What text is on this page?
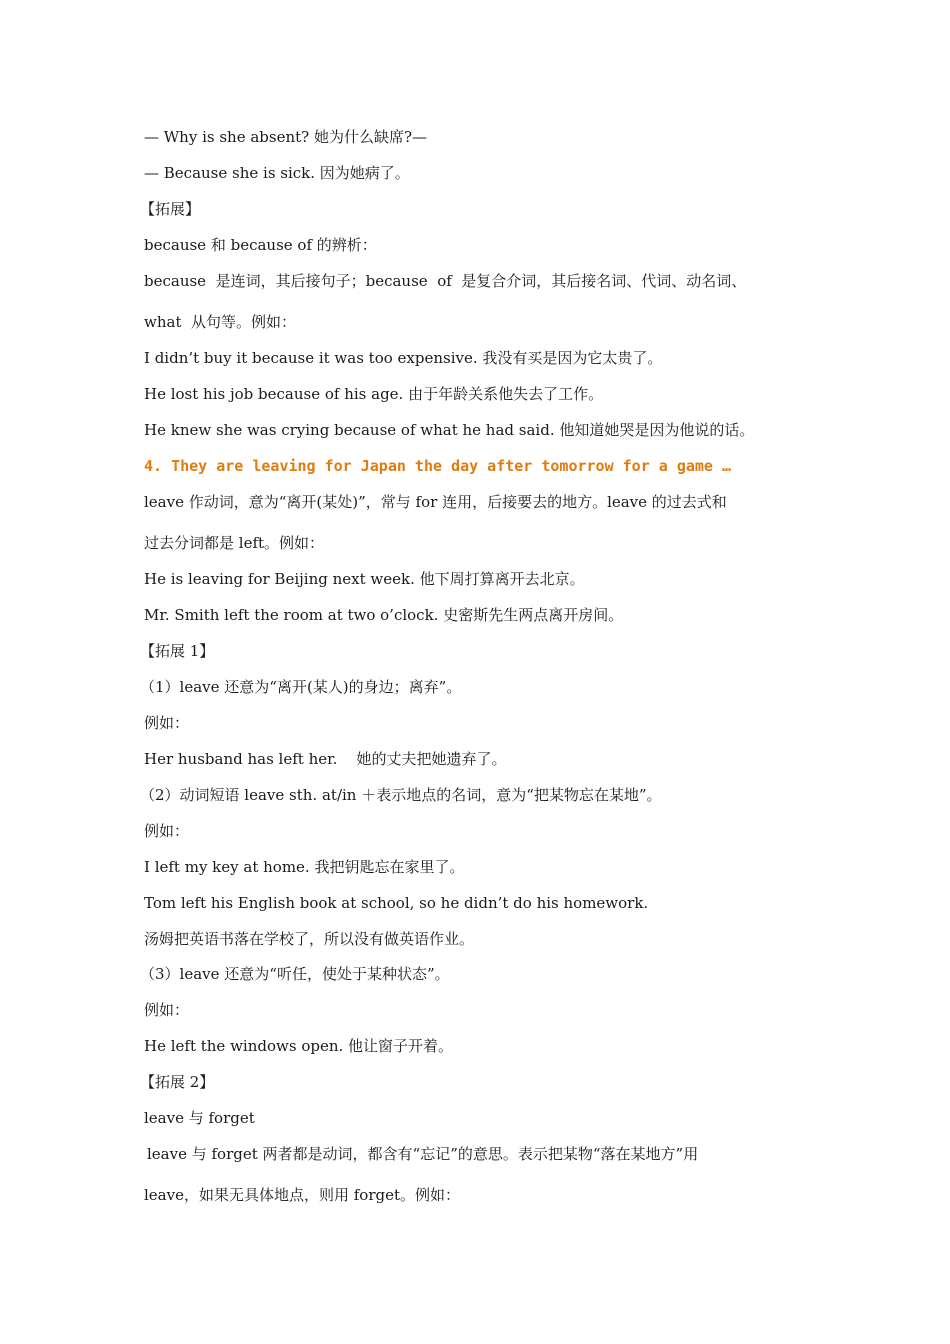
— Why is she absent? 她为什么缺席?—
— Because she is sick. 因为她病了。
【拓展】
because 和 because of 的辨析：
because  是连词，其后接句子；because  of  是复合介词，其后接名词、代词、动名词、
what  从句等。例如：
I didn’t buy it because it was too expensive. 我没有买是因为它太贵了。
He lost his job because of his age. 由于年龄关系他失去了工作。
He knew she was crying because of what he had said. 他知道她哭是因为他说的话。
4. They are leaving for Japan the day after tomorrow for a game …
leave 作动词，意为“离开(某处)”，常与 for 连用，后接要去的地方。leave 的过去式和
过去分词都是 left。例如：
He is leaving for Beijing next week. 他下周打算离开去北京。
Mr. Smith left the room at two o’clock. 史密斯先生两点离开房间。
【拓展 1】
（1）leave 还意为“离开(某人)的身边；离弃”。
例如：
Her husband has left her.    她的丈夫把她遗弃了。
（2）动词短语 leave sth. at/in ＋表示地点的名词，意为“把某物忘在某地”。
例如：
I left my key at home. 我把钥匙忘在家里了。
Tom left his English book at school, so he didn’t do his homework.
汤姆把英语书落在学校了，所以没有做英语作业。
（3）leave 还意为“听任，使处于某种状态”。
例如：
He left the windows open. 他让窗子开着。
【拓展 2】
leave 与 forget
leave 与 forget 两者都是动词，都含有“忘记”的意思。表示把某物“落在某地方”用
leave，如果无具体地点，则用 forget。例如：
